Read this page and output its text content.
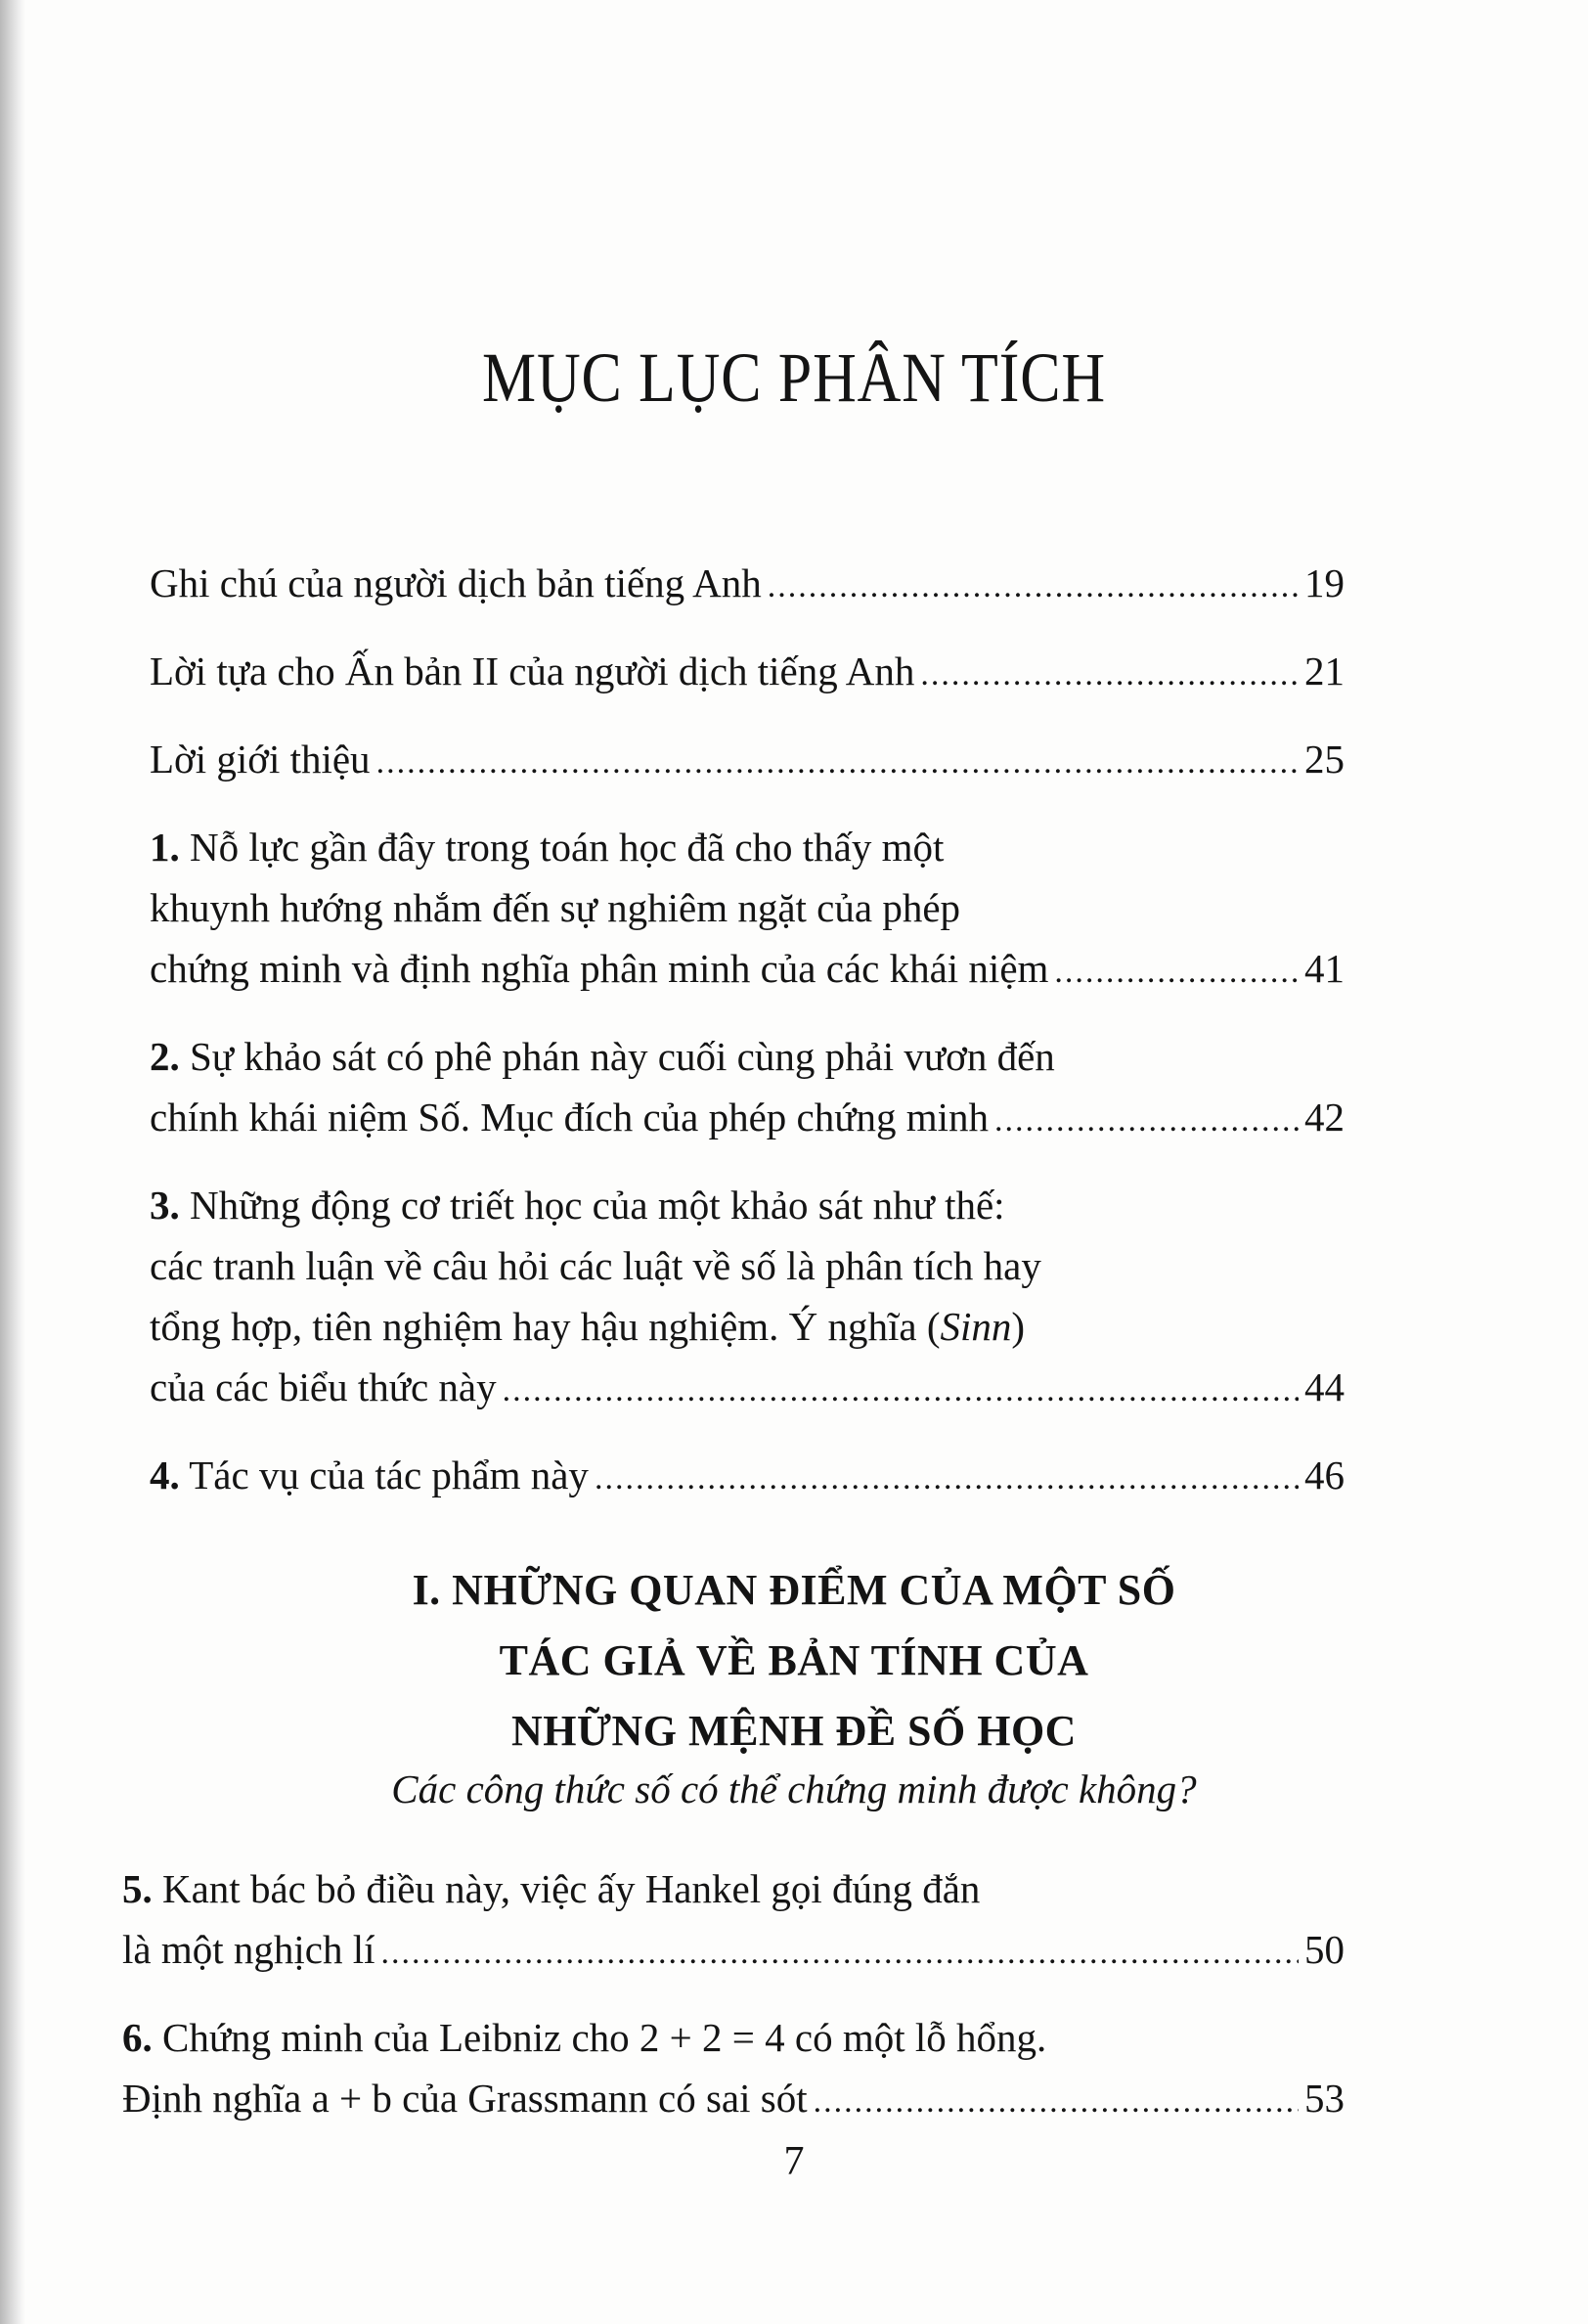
MỤC LỤC PHÂN TÍCH
Ghi chú của người dịch bản tiếng Anh .....	19
Lời tựa cho Ấn bản II của người dịch tiếng Anh .....	21
Lời giới thiệu .....	25
1. Nỗ lực gần đây trong toán học đã cho thấy một
khuynh hướng nhắm đến sự nghiêm ngặt của phép
chứng minh và định nghĩa phân minh của các khái niệm .....	41
2. Sự khảo sát có phê phán này cuối cùng phải vươn đến
chính khái niệm Số. Mục đích của phép chứng minh .....	42
3. Những động cơ triết học của một khảo sát như thế:
các tranh luận về câu hỏi các luật về số là phân tích hay
tổng hợp, tiên nghiệm hay hậu nghiệm. Ý nghĩa (Sinn)
của các biểu thức này .....	44
4. Tác vụ của tác phẩm này .....	46
I. NHỮNG QUAN ĐIỂM CỦA MỘT SỐ
TÁC GIẢ VỀ BẢN TÍNH CỦA
NHỮNG MỆNH ĐỀ SỐ HỌC
Các công thức số có thể chứng minh được không?
5. Kant bác bỏ điều này, việc ấy Hankel gọi đúng đắn
là một nghịch lí .....	50
6. Chứng minh của Leibniz cho 2 + 2 = 4 có một lỗ hổng.
Định nghĩa a + b của Grassmann có sai sót .....	53
7
